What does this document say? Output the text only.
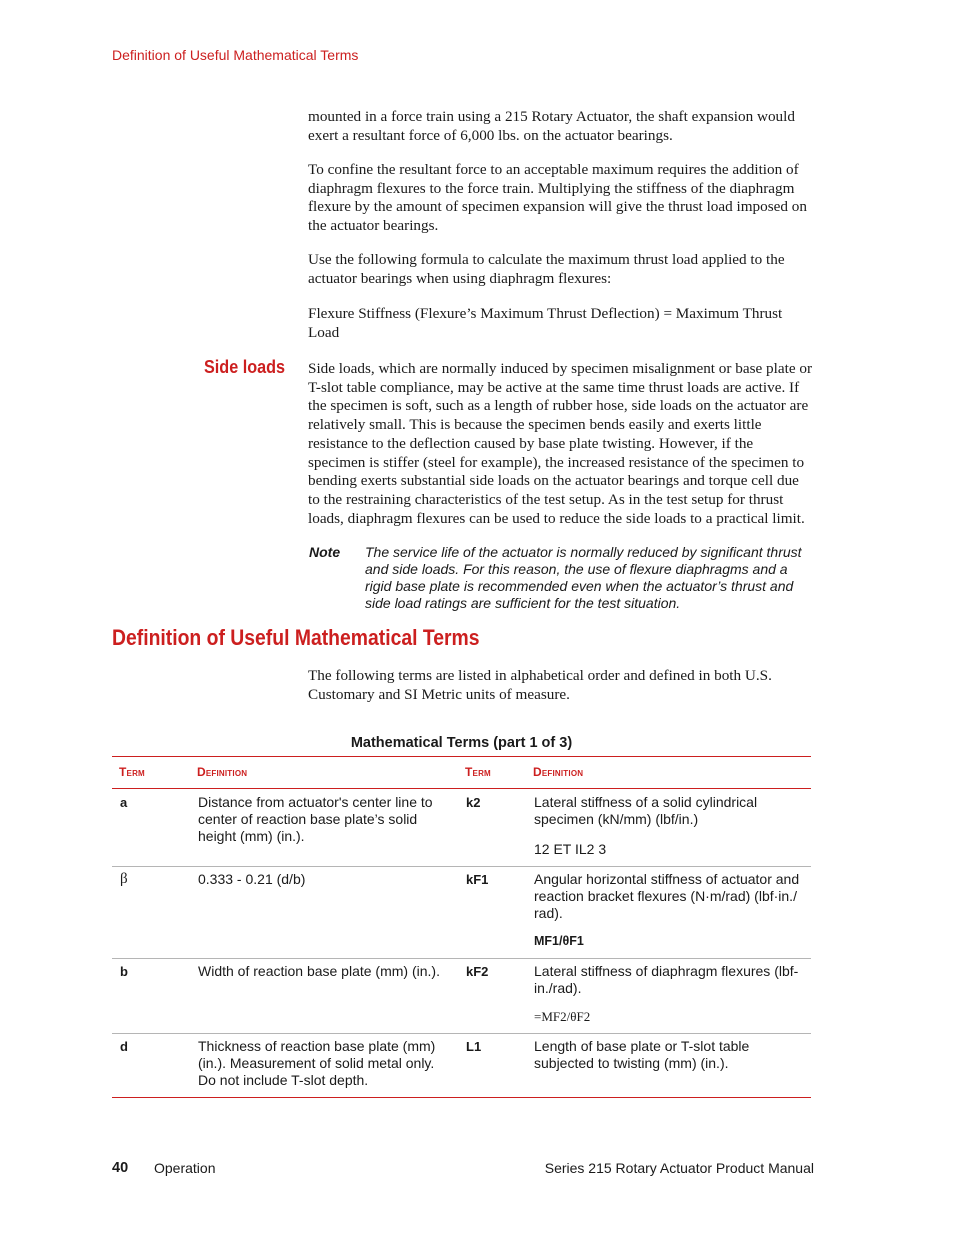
Definition of Useful Mathematical Terms

mounted in a force train using a 215 Rotary Actuator, the shaft expansion would exert a resultant force of 6,000 lbs. on the actuator bearings.

To confine the resultant force to an acceptable maximum requires the addition of diaphragm flexures to the force train. Multiplying the stiffness of the diaphragm flexure by the amount of specimen expansion will give the thrust load imposed on the actuator bearings.

Use the following formula to calculate the maximum thrust load applied to the actuator bearings when using diaphragm flexures:

Flexure Stiffness (Flexure’s Maximum Thrust Deflection) = Maximum Thrust Load

Side loads Side loads, which are normally induced by specimen misalignment or base plate or T-slot table compliance, may be active at the same time thrust loads are active. If the specimen is soft, such as a length of rubber hose, side loads on the actuator are relatively small. This is because the specimen bends easily and exerts little resistance to the deflection caused by base plate twisting. However, if the specimen is stiffer (steel for example), the increased resistance of the specimen to bending exerts substantial side loads on the actuator bearings and torque cell due to the restraining characteristics of the test setup. As in the test setup for thrust loads, diaphragm flexures can be used to reduce the side loads to a practical limit.

Note The service life of the actuator is normally reduced by significant thrust and side loads. For this reason, the use of flexure diaphragms and a rigid base plate is recommended even when the actuator’s thrust and side load ratings are sufficient for the test situation.
Definition of Useful Mathematical Terms

The following terms are listed in alphabetical order and defined in both U.S. Customary and SI Metric units of measure.

Mathematical Terms (part 1 of 3)
Term	Definition	Term	Definition
a	Distance from actuator's center line to center of reaction base plate’s solid height (mm) (in.).	k2	Lateral stiffness of a solid cylindrical specimen (kN/mm) (lbf/in.)
12 ET IL2 3

β	0.333 - 0.21 (d/b)	kF1	Angular horizontal stiffness of actuator and reaction bracket flexures (N·m/rad) (lbf·in./ rad).
MF1/θF1

b	Width of reaction base plate (mm) (in.).	kF2	Lateral stiffness of diaphragm flexures (lbf-in./rad).
=MF2/θF2

d	Thickness of reaction base plate (mm) (in.). Measurement of solid metal only. Do not include T-slot depth.	L1	Length of base plate or T-slot table subjected to twisting (mm) (in.).
40 Operation	Series 215 Rotary Actuator Product Manual
